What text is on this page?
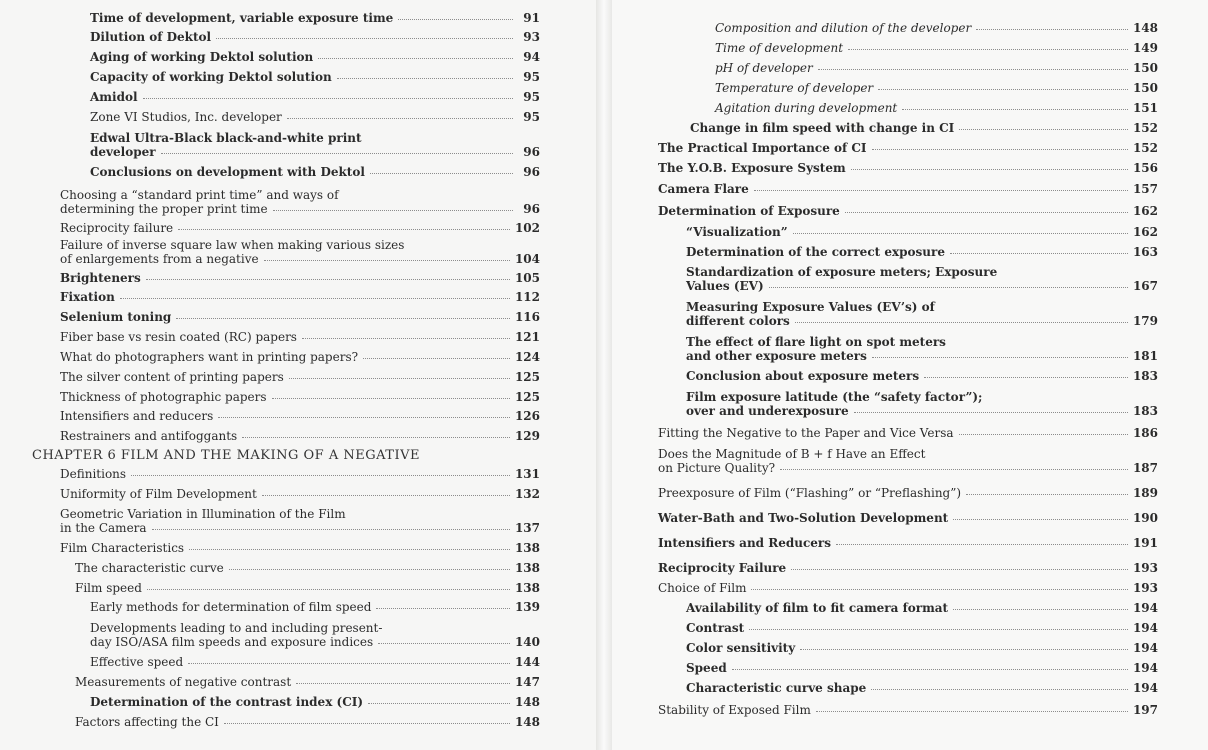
Time of development, variable exposure time	91
Dilution of Dektol	93
Aging of working Dektol solution	94
Capacity of working Dektol solution	95
Amidol	95
Zone VI Studios, Inc. developer	95
Edwal Ultra-Black black-and-white print
developer	96
Conclusions on development with Dektol	96
Choosing a “standard print time” and ways of
determining the proper print time	96
Reciprocity failure	102
Failure of inverse square law when making various sizes
of enlargements from a negative	104
Brighteners	105
Fixation	112
Selenium toning	116
Fiber base vs resin coated (RC) papers	121
What do photographers want in printing papers?	124
The silver content of printing papers	125
Thickness of photographic papers	125
Intensifiers and reducers	126
Restrainers and antifoggants	129
Definitions	131
Uniformity of Film Development	132
Geometric Variation in Illumination of the Film
in the Camera	137
Film Characteristics	138
The characteristic curve	138
Film speed	138
Early methods for determination of film speed	139
Developments leading to and including present-
day ISO/ASA film speeds and exposure indices	140
Effective speed	144
Measurements of negative contrast	147
Determination of the contrast index (CI)	148
Factors affecting the CI	148
Composition and dilution of the developer	148
Time of development	149
pH of developer	150
Temperature of developer	150
Agitation during development	151
Change in film speed with change in CI	152
The Practical Importance of CI	152
The Y.O.B. Exposure System	156
Camera Flare	157
Determination of Exposure	162
“Visualization”	162
Determination of the correct exposure	163
Standardization of exposure meters; Exposure
Values (EV)	167
Measuring Exposure Values (EV’s) of
different colors	179
The effect of flare light on spot meters
and other exposure meters	181
Conclusion about exposure meters	183
Film exposure latitude (the “safety factor”);
over and underexposure	183
Fitting the Negative to the Paper and Vice Versa	186
Does the Magnitude of B + f Have an Effect
on Picture Quality?	187
Preexposure of Film (“Flashing” or “Preflashing”)	189
Water-Bath and Two-Solution Development	190
Intensifiers and Reducers	191
Reciprocity Failure	193
Choice of Film	193
Availability of film to fit camera format	194
Contrast	194
Color sensitivity	194
Speed	194
Characteristic curve shape	194
Stability of Exposed Film	197
CHAPTER 6 FILM AND THE MAKING OF A NEGATIVE
